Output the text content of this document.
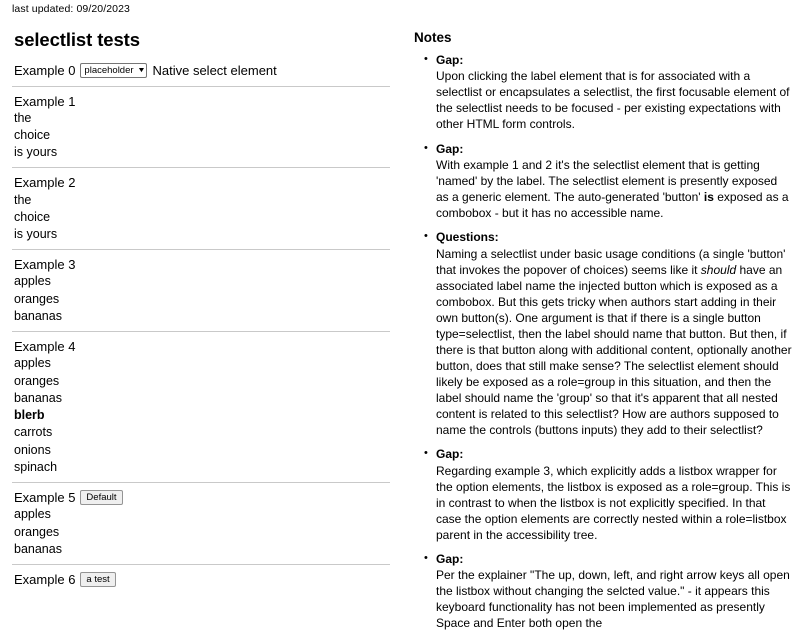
last updated: 09/20/2023
selectlist tests
Example 0 placeholder ▼ Native select element
Example 1
the
choice
is yours
Example 2
the
choice
is yours
Example 3
apples
oranges
bananas
Example 4
apples
oranges
bananas
blerb
carrots
onions
spinach
Example 5	Default
apples
oranges
bananas
Example 6	a test
Notes
• Gap:
Upon clicking the label element that is for associated with a selectlist or encapsulates a selectlist, the first focusable element of the selectlist needs to be focused - per existing expectations with other HTML form controls.
• Gap:
With example 1 and 2 it's the selectlist element that is getting 'named' by the label. The selectlist element is presently exposed as a generic element. The auto-generated 'button' is exposed as a combobox - but it has no accessible name.
• Questions:
Naming a selectlist under basic usage conditions (a single 'button' that invokes the popover of choices) seems like it should have an associated label name the injected button which is exposed as a combobox. But this gets tricky when authors start adding in their own button(s). One argument is that if there is a single button type=selectlist, then the label should name that button. But then, if there is that button along with additional content, optionally another button, does that still make sense? The selectlist element should likely be exposed as a role=group in this situation, and then the label should name the 'group' so that it's apparent that all nested content is related to this selectlist? How are authors supposed to name the controls (buttons inputs) they add to their selectlist?
• Gap:
Regarding example 3, which explicitly adds a listbox wrapper for the option elements, the listbox is exposed as a role=group. This is in contrast to when the listbox is not explicitly specified. In that case the option elements are correctly nested within a role=listbox parent in the accessibility tree.
• Gap:
Per the explainer "The up, down, left, and right arrow keys all open the listbox without changing the selcted value." - it appears this keyboard functionality has not been implemented as presently Space and Enter both open the
